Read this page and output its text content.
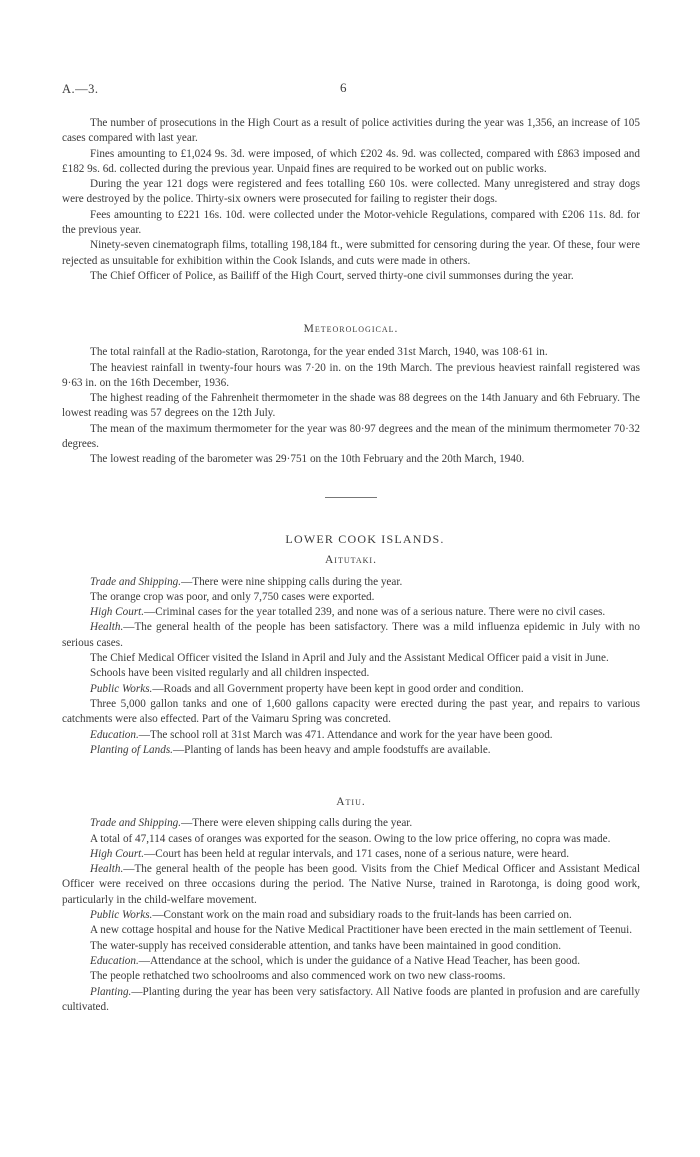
A.—3.	6

The number of prosecutions in the High Court as a result of police activities during the year was 1,356, an increase of 105 cases compared with last year.

Fines amounting to £1,024 9s. 3d. were imposed, of which £202 4s. 9d. was collected, compared with £863 imposed and £182 9s. 6d. collected during the previous year. Unpaid fines are required to be worked out on public works.

During the year 121 dogs were registered and fees totalling £60 10s. were collected. Many unregistered and stray dogs were destroyed by the police. Thirty-six owners were prosecuted for failing to register their dogs.

Fees amounting to £221 16s. 10d. were collected under the Motor-vehicle Regulations, compared with £206 11s. 8d. for the previous year.

Ninety-seven cinematograph films, totalling 198,184 ft., were submitted for censoring during the year. Of these, four were rejected as unsuitable for exhibition within the Cook Islands, and cuts were made in others.

The Chief Officer of Police, as Bailiff of the High Court, served thirty-one civil summonses during the year.

Meteorological.

The total rainfall at the Radio-station, Rarotonga, for the year ended 31st March, 1940, was 108·61 in.

The heaviest rainfall in twenty-four hours was 7·20 in. on the 19th March. The previous heaviest rainfall registered was 9·63 in. on the 16th December, 1936.

The highest reading of the Fahrenheit thermometer in the shade was 88 degrees on the 14th January and 6th February. The lowest reading was 57 degrees on the 12th July.

The mean of the maximum thermometer for the year was 80·97 degrees and the mean of the minimum thermometer 70·32 degrees.

The lowest reading of the barometer was 29·751 on the 10th February and the 20th March, 1940.

LOWER COOK ISLANDS.

Aitutaki.

Trade and Shipping.—There were nine shipping calls during the year.

The orange crop was poor, and only 7,750 cases were exported.

High Court.—Criminal cases for the year totalled 239, and none was of a serious nature. There were no civil cases.

Health.—The general health of the people has been satisfactory. There was a mild influenza epidemic in July with no serious cases.

The Chief Medical Officer visited the Island in April and July and the Assistant Medical Officer paid a visit in June.

Schools have been visited regularly and all children inspected.

Public Works.—Roads and all Government property have been kept in good order and condition.

Three 5,000 gallon tanks and one of 1,600 gallons capacity were erected during the past year, and repairs to various catchments were also effected. Part of the Vaimaru Spring was concreted.

Education.—The school roll at 31st March was 471. Attendance and work for the year have been good.

Planting of Lands.—Planting of lands has been heavy and ample foodstuffs are available.

Atiu.

Trade and Shipping.—There were eleven shipping calls during the year.

A total of 47,114 cases of oranges was exported for the season. Owing to the low price offering, no copra was made.

High Court.—Court has been held at regular intervals, and 171 cases, none of a serious nature, were heard.

Health.—The general health of the people has been good. Visits from the Chief Medical Officer and Assistant Medical Officer were received on three occasions during the period. The Native Nurse, trained in Rarotonga, is doing good work, particularly in the child-welfare movement.

Public Works.—Constant work on the main road and subsidiary roads to the fruit-lands has been carried on.

A new cottage hospital and house for the Native Medical Practitioner have been erected in the main settlement of Teenui.

The water-supply has received considerable attention, and tanks have been maintained in good condition.

Education.—Attendance at the school, which is under the guidance of a Native Head Teacher, has been good.

The people rethatched two schoolrooms and also commenced work on two new class-rooms.

Planting.—Planting during the year has been very satisfactory. All Native foods are planted in profusion and are carefully cultivated.
